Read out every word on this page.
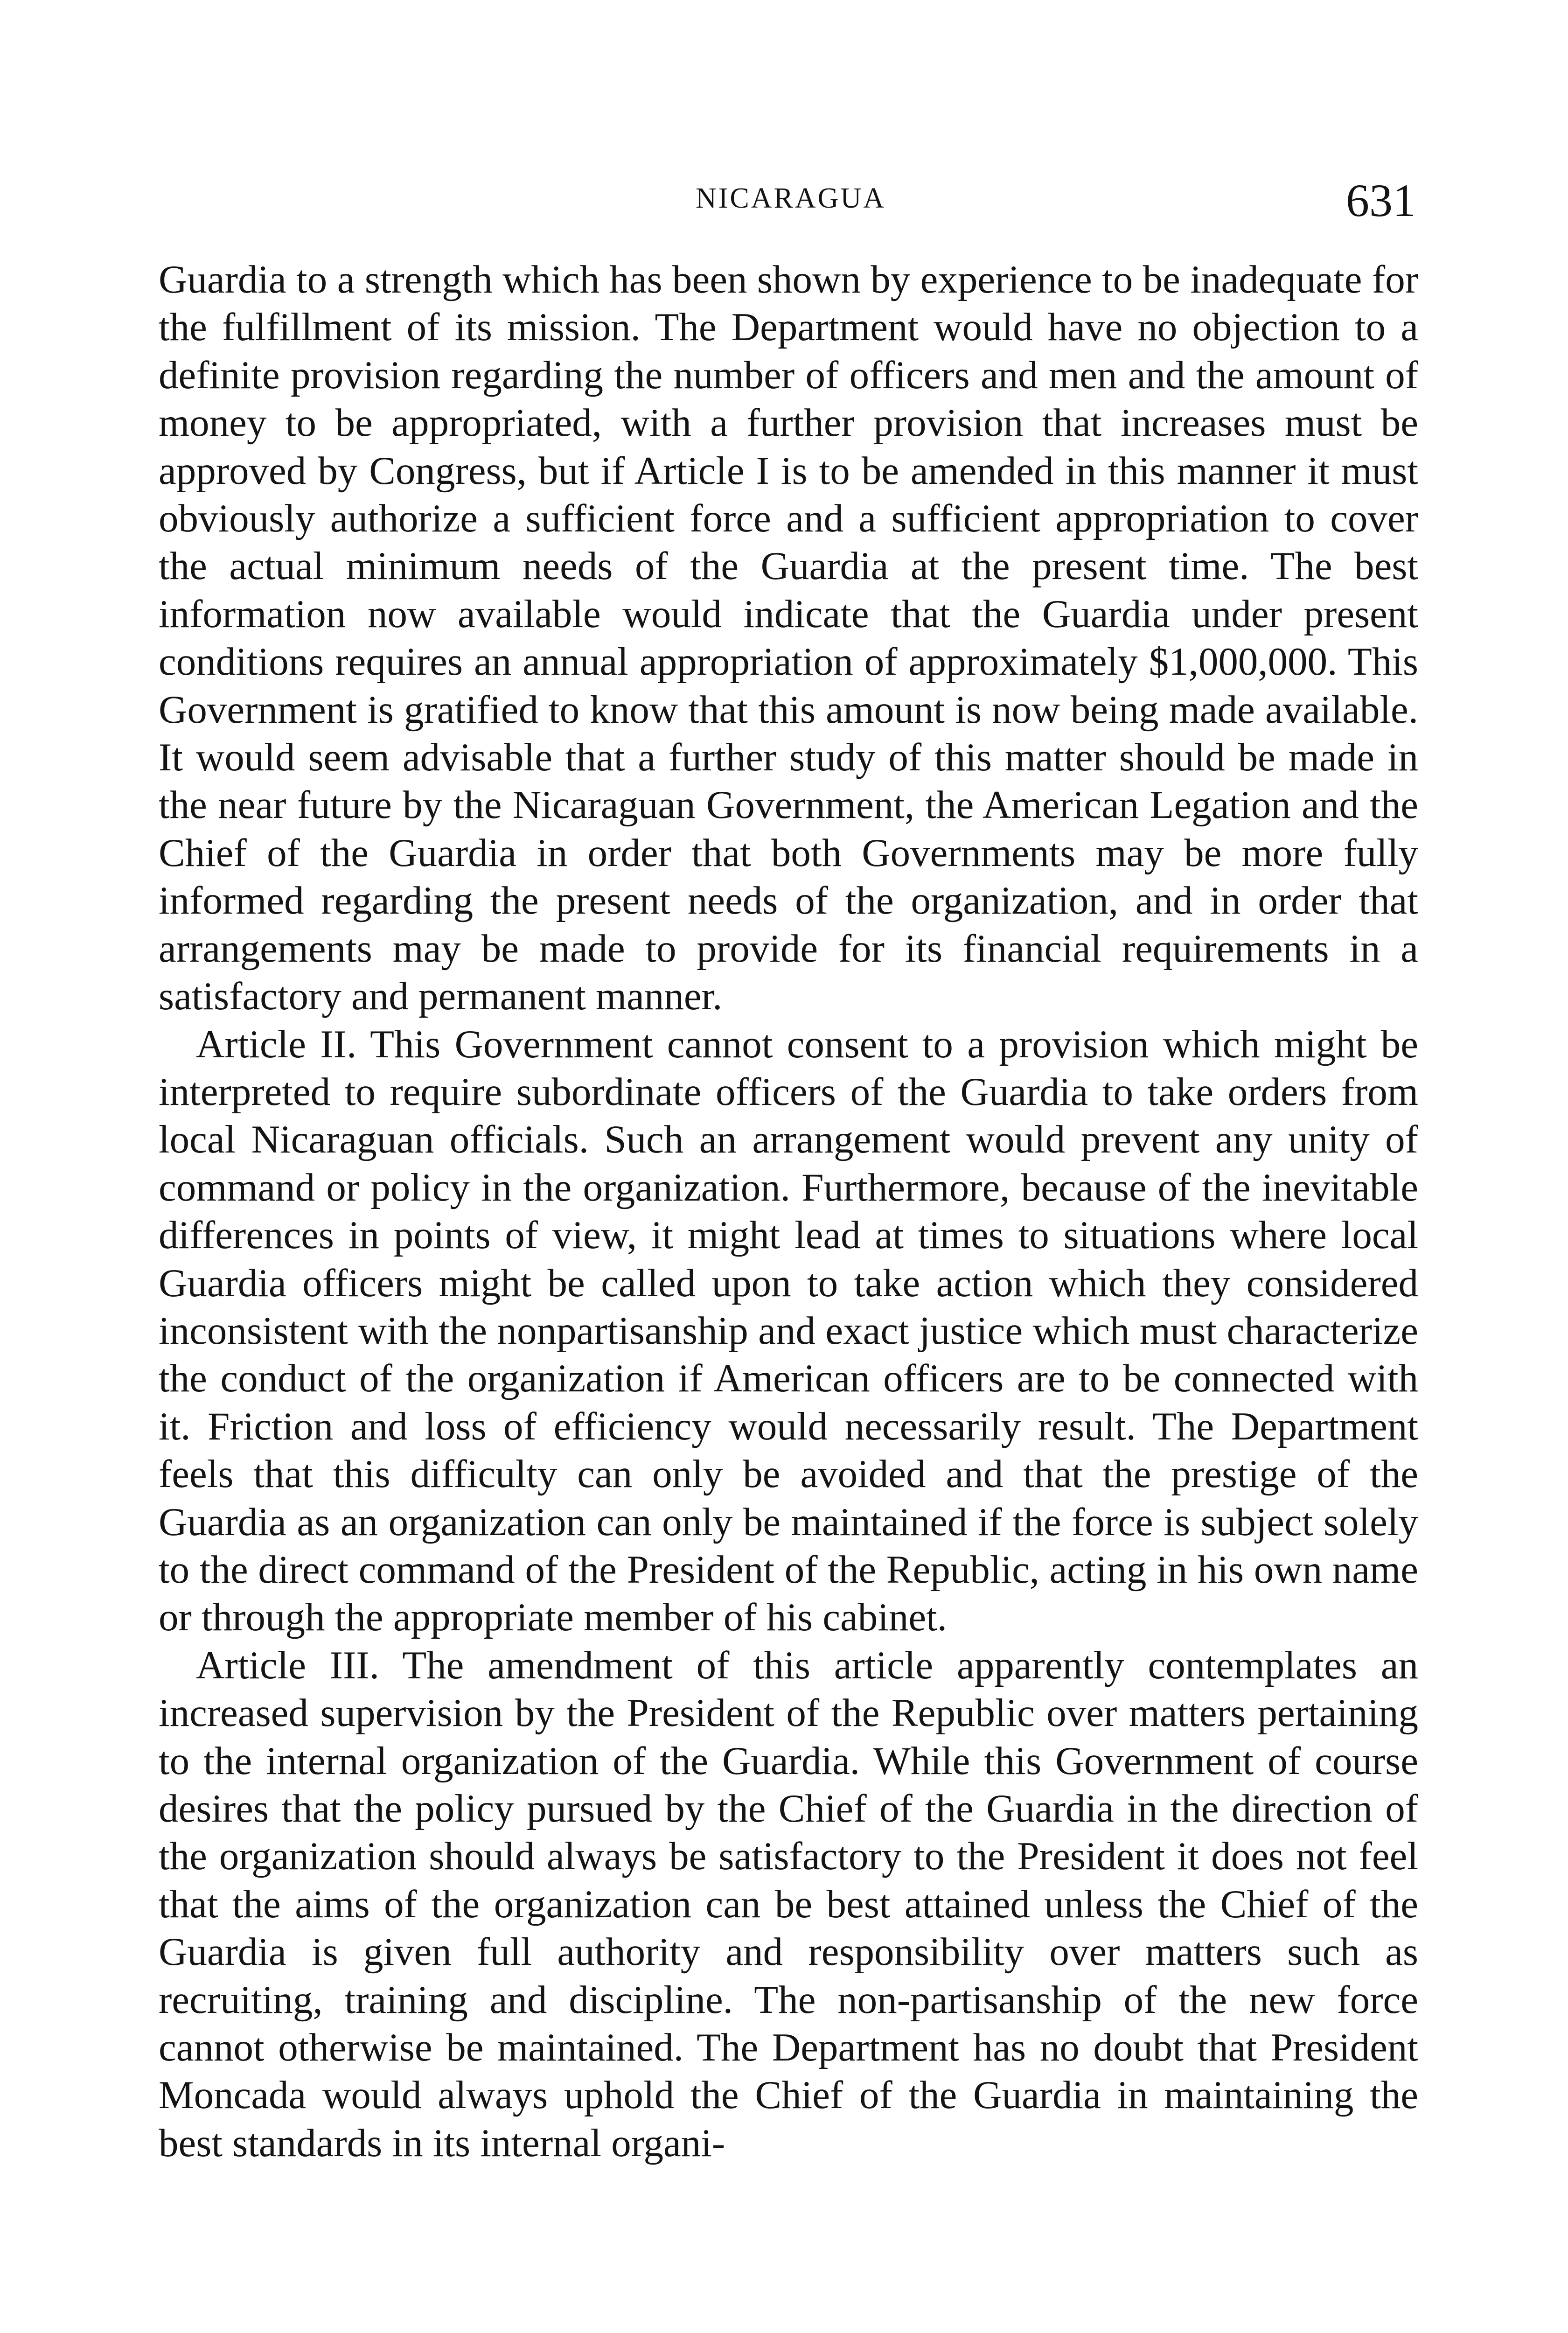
NICARAGUA	631

Guardia to a strength which has been shown by experience to be inadequate for the fulfillment of its mission. The Department would have no objection to a definite provision regarding the number of officers and men and the amount of money to be appropriated, with a further provision that increases must be approved by Congress, but if Article I is to be amended in this manner it must obviously authorize a sufficient force and a sufficient appropriation to cover the actual minimum needs of the Guardia at the present time. The best information now available would indicate that the Guardia under present conditions requires an annual appropriation of approximately $1,000,000. This Government is gratified to know that this amount is now being made available. It would seem advisable that a further study of this matter should be made in the near future by the Nicaraguan Government, the American Legation and the Chief of the Guardia in order that both Governments may be more fully informed regarding the present needs of the organization, and in order that arrangements may be made to provide for its financial requirements in a satisfactory and permanent manner.

Article II. This Government cannot consent to a provision which might be interpreted to require subordinate officers of the Guardia to take orders from local Nicaraguan officials. Such an arrangement would prevent any unity of command or policy in the organization. Furthermore, because of the inevitable differences in points of view, it might lead at times to situations where local Guardia officers might be called upon to take action which they considered inconsistent with the nonpartisanship and exact justice which must characterize the conduct of the organization if American officers are to be connected with it. Friction and loss of efficiency would necessarily result. The Department feels that this difficulty can only be avoided and that the prestige of the Guardia as an organization can only be maintained if the force is subject solely to the direct command of the President of the Republic, acting in his own name or through the appropriate member of his cabinet.

Article III. The amendment of this article apparently contemplates an increased supervision by the President of the Republic over matters pertaining to the internal organization of the Guardia. While this Government of course desires that the policy pursued by the Chief of the Guardia in the direction of the organization should always be satisfactory to the President it does not feel that the aims of the organization can be best attained unless the Chief of the Guardia is given full authority and responsibility over matters such as recruiting, training and discipline. The non-partisanship of the new force cannot otherwise be maintained. The Department has no doubt that President Moncada would always uphold the Chief of the Guardia in maintaining the best standards in its internal organi-
